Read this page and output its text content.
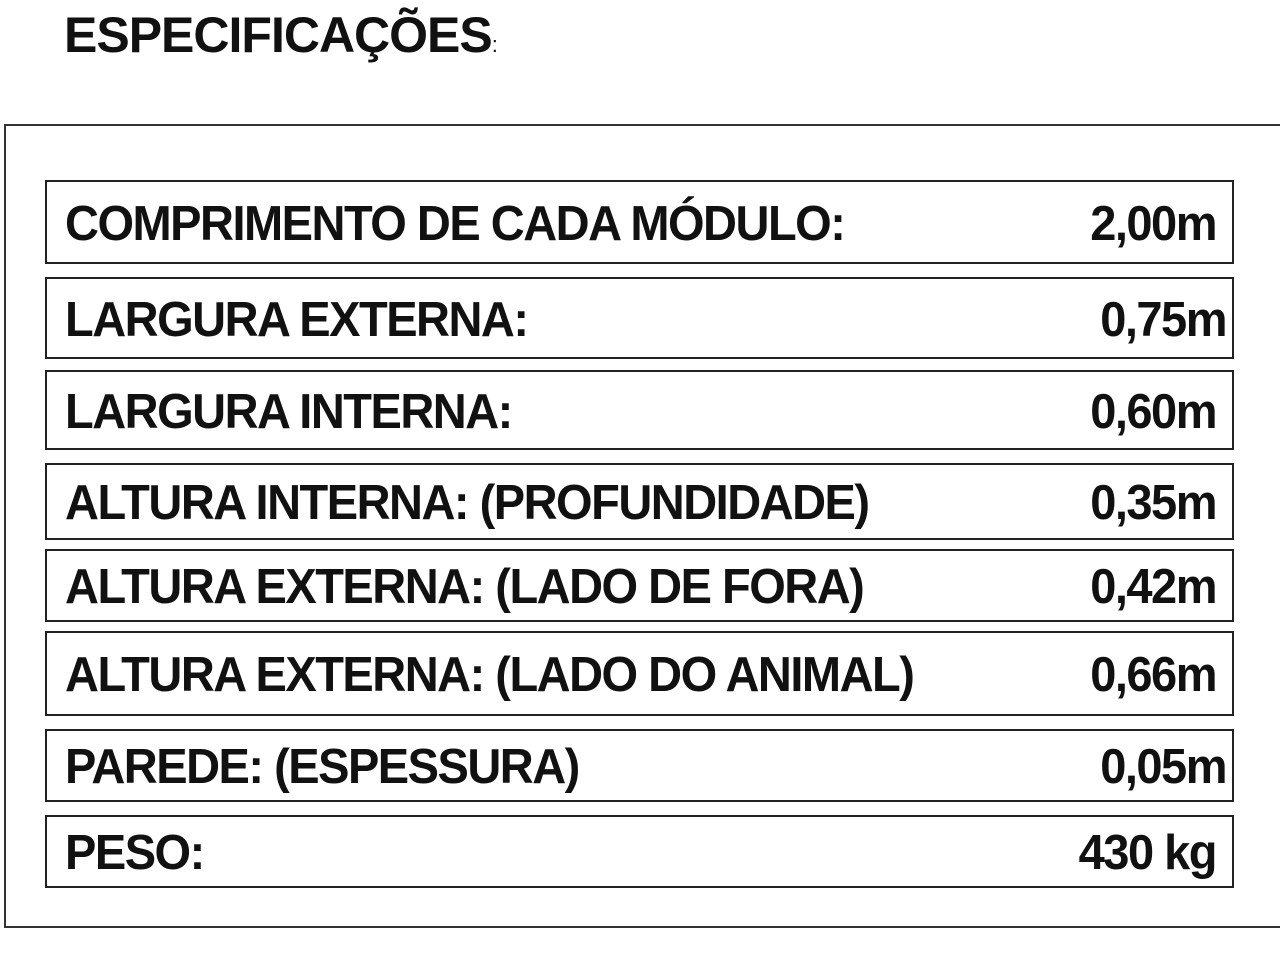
ESPECIFICAÇÕES:
COMPRIMENTO DE CADA MÓDULO:	2,00m
LARGURA EXTERNA:	0,75m
LARGURA INTERNA:	0,60m
ALTURA INTERNA: (PROFUNDIDADE)	0,35m
ALTURA EXTERNA: (LADO DE FORA)	0,42m
ALTURA EXTERNA: (LADO DO ANIMAL)	0,66m
PAREDE: (ESPESSURA)	0,05m
PESO:	430 kg
